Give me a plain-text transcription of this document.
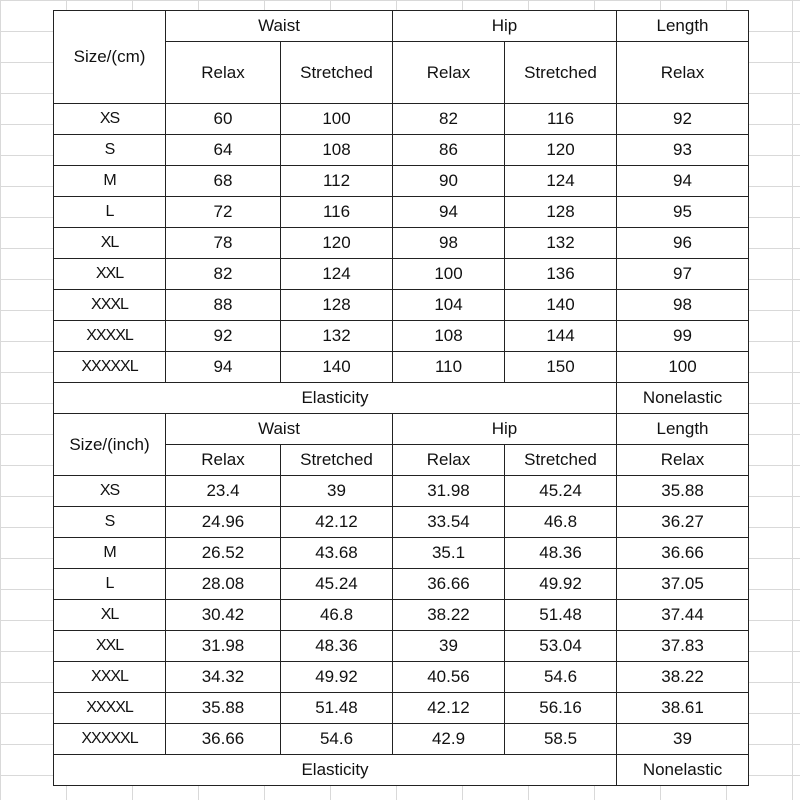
Size/(cm)	Waist		Hip		Length
	Relax	Stretched	Relax	Stretched	Relax
XS	60	100	82	116	92
S	64	108	86	120	93
M	68	112	90	124	94
L	72	116	94	128	95
XL	78	120	98	132	96
XXL	82	124	100	136	97
XXXL	88	128	104	140	98
XXXXL	92	132	108	144	99
XXXXXL	94	140	110	150	100
Elasticity					Nonelastic
Size/(inch)	Waist		Hip		Length
	Relax	Stretched	Relax	Stretched	Relax
XS	23.4	39	31.98	45.24	35.88
S	24.96	42.12	33.54	46.8	36.27
M	26.52	43.68	35.1	48.36	36.66
L	28.08	45.24	36.66	49.92	37.05
XL	30.42	46.8	38.22	51.48	37.44
XXL	31.98	48.36	39	53.04	37.83
XXXL	34.32	49.92	40.56	54.6	38.22
XXXXL	35.88	51.48	42.12	56.16	38.61
XXXXXL	36.66	54.6	42.9	58.5	39
Elasticity					Nonelastic
